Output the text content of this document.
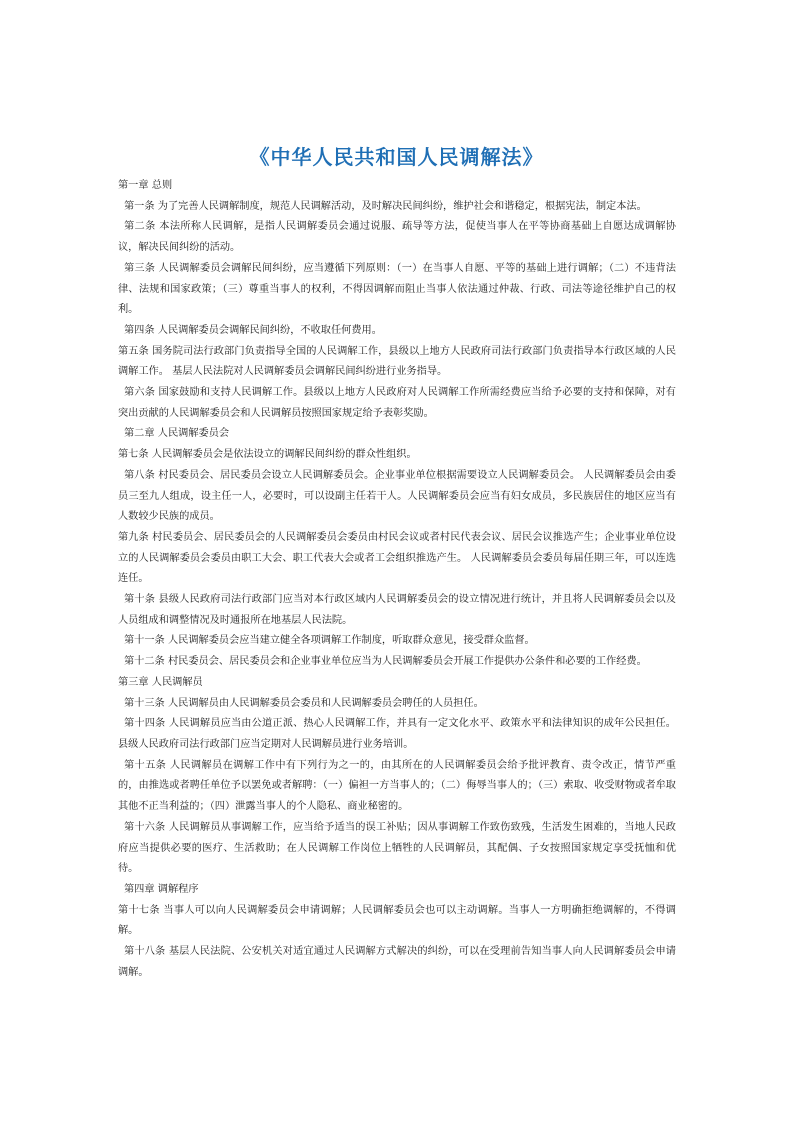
《中华人民共和国人民调解法》

第一章 总则

第一条 为了完善人民调解制度，规范人民调解活动，及时解决民间纠纷，维护社会和谐稳定，根据宪法，制定本法。

第二条 本法所称人民调解，是指人民调解委员会通过说服、疏导等方法，促使当事人在平等协商基础上自愿达成调解协议，解决民间纠纷的活动。

第三条 人民调解委员会调解民间纠纷，应当遵循下列原则：（一）在当事人自愿、平等的基础上进行调解；（二）不违背法律、法规和国家政策；（三）尊重当事人的权利，不得因调解而阻止当事人依法通过仲裁、行政、司法等途径维护自己的权利。

第四条 人民调解委员会调解民间纠纷，不收取任何费用。

第五条 国务院司法行政部门负责指导全国的人民调解工作，县级以上地方人民政府司法行政部门负责指导本行政区域的人民调解工作。 基层人民法院对人民调解委员会调解民间纠纷进行业务指导。

第六条 国家鼓励和支持人民调解工作。县级以上地方人民政府对人民调解工作所需经费应当给予必要的支持和保障，对有突出贡献的人民调解委员会和人民调解员按照国家规定给予表彰奖励。

第二章 人民调解委员会

第七条 人民调解委员会是依法设立的调解民间纠纷的群众性组织。

第八条 村民委员会、居民委员会设立人民调解委员会。企业事业单位根据需要设立人民调解委员会。 人民调解委员会由委员三至九人组成，设主任一人，必要时，可以设副主任若干人。人民调解委员会应当有妇女成员，多民族居住的地区应当有人数较少民族的成员。

第九条 村民委员会、居民委员会的人民调解委员会委员由村民会议或者村民代表会议、居民会议推选产生；企业事业单位设立的人民调解委员会委员由职工大会、职工代表大会或者工会组织推选产生。 人民调解委员会委员每届任期三年，可以连选连任。

第十条 县级人民政府司法行政部门应当对本行政区域内人民调解委员会的设立情况进行统计，并且将人民调解委员会以及人员组成和调整情况及时通报所在地基层人民法院。

第十一条 人民调解委员会应当建立健全各项调解工作制度，听取群众意见，接受群众监督。

第十二条 村民委员会、居民委员会和企业事业单位应当为人民调解委员会开展工作提供办公条件和必要的工作经费。

第三章 人民调解员

第十三条 人民调解员由人民调解委员会委员和人民调解委员会聘任的人员担任。

第十四条 人民调解员应当由公道正派、热心人民调解工作，并具有一定文化水平、政策水平和法律知识的成年公民担任。 县级人民政府司法行政部门应当定期对人民调解员进行业务培训。

第十五条 人民调解员在调解工作中有下列行为之一的，由其所在的人民调解委员会给予批评教育、责令改正，情节严重的，由推选或者聘任单位予以罢免或者解聘：（一）偏袒一方当事人的；（二）侮辱当事人的；（三）索取、收受财物或者牟取其他不正当利益的；（四）泄露当事人的个人隐私、商业秘密的。

第十六条 人民调解员从事调解工作，应当给予适当的误工补贴；因从事调解工作致伤致残，生活发生困难的，当地人民政府应当提供必要的医疗、生活救助；在人民调解工作岗位上牺牲的人民调解员，其配偶、子女按照国家规定享受抚恤和优待。

第四章 调解程序

第十七条 当事人可以向人民调解委员会申请调解；人民调解委员会也可以主动调解。当事人一方明确拒绝调解的，不得调解。

第十八条 基层人民法院、公安机关对适宜通过人民调解方式解决的纠纷，可以在受理前告知当事人向人民调解委员会申请调解。
